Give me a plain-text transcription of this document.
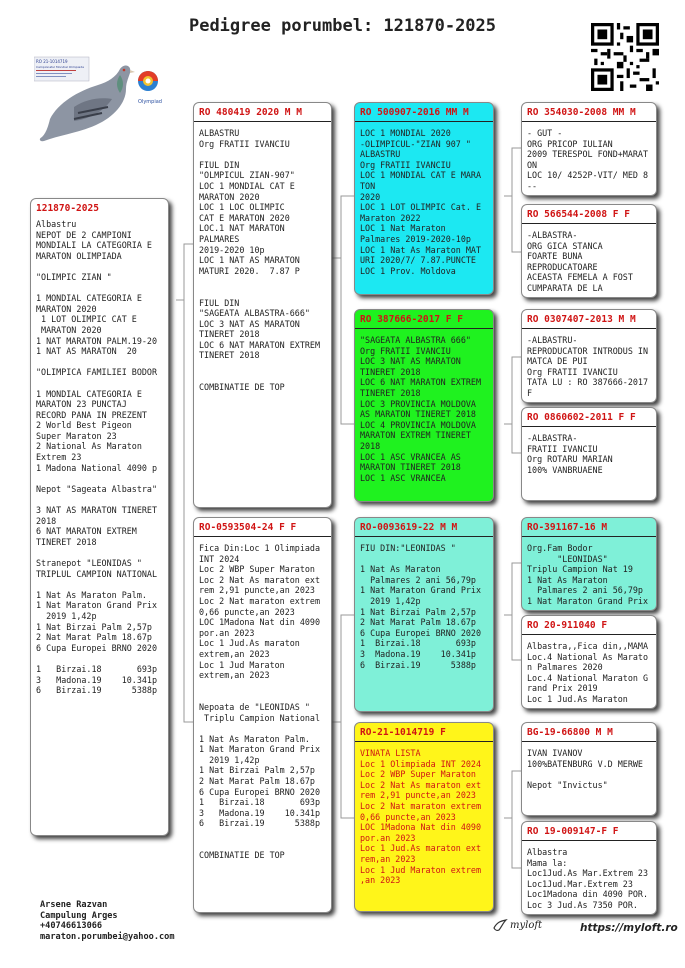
Pedigree porumbel: 121870-2025
RO 21-1014719
Campionatul Mondial Olimpiada
Olympiad
121870-2025
Albastru
NEPOT DE 2 CAMPIONI
MONDIALI LA CATEGORIA E
MARATON OLIMPIADA

"OLIMPIC ZIAN "

1 MONDIAL CATEGORIA E
MARATON 2020
1 LOT OLIMPIC CAT E
MARATON 2020
1 NAT MARATON PALM.19-20
1 NAT AS MARATON  20

"OLIMPICA FAMILIEI BODOR

1 MONDIAL CATEGORIA E
MARATON 23 PUNCTAJ
RECORD PANA IN PREZENT
2 World Best Pigeon
Super Maraton 23
2 National As Maraton
Extrem 23
1 Madona National 4090 p

Nepot "Sageata Albastra"

3 NAT AS MARATON TINERET
2018
6 NAT MARATON EXTREM
TINERET 2018

Stranepot "LEONIDAS "
TRIPLUL CAMPION NATIONAL

1 Nat As Maraton Palm.
1 Nat Maraton Grand Prix
2019 1,42p
1 Nat Birzai Palm 2,57p
2 Nat Marat Palm 18.67p
6 Cupa Europei BRNO 2020

1   Birzai.18       693p
3   Madona.19    10.341p
6   Birzai.19      5388p
RO 480419 2020 M M
ALBASTRU
Org FRATII IVANCIU

FIUL DIN
"OLMPICUL ZIAN-907"
LOC 1 MONDIAL CAT E
MARATON 2020
LOC 1 LOC OLIMPIC
CAT E MARATON 2020
LOC.1 NAT MARATON
PALMARES
2019-2020 10p
LOC 1 NAT AS MARATON
MATURI 2020.  7.87 P

FIUL DIN
"SAGEATA ALBASTRA-666"
LOC 3 NAT AS MARATON
TINERET 2018
LOC 6 NAT MARATON EXTREM
TINERET 2018

COMBINATIE DE TOP
RO-0593504-24 F F
Fica Din:Loc 1 Olimpiada
INT 2024
Loc 2 WBP Super Maraton
Loc 2 Nat As maraton ext
rem 2,91 puncte,an 2023
Loc 2 Nat maraton extrem
0,66 puncte,an 2023
LOC 1Madona Nat din 4090
por.an 2023
Loc 1 Jud.As maraton
extrem,an 2023
Loc 1 Jud Maraton
extrem,an 2023

Nepoata de "LEONIDAS "
Triplu Campion National

1 Nat As Maraton Palm.
1 Nat Maraton Grand Prix
2019 1,42p
1 Nat Birzai Palm 2,57p
2 Nat Marat Palm 18.67p
6 Cupa Europei BRNO 2020
1   Birzai.18       693p
3   Madona.19    10.341p
6   Birzai.19      5388p

COMBINATIE DE TOP
RO 500907-2016 MM M
LOC 1 MONDIAL 2020
-OLIMPICUL-"ZIAN 907 "
ALBASTRU
Org FRATII IVANCIU
LOC 1 MONDIAL CAT E MARA
TON
2020
LOC 1 LOT OLIMPIC Cat. E
Maraton 2022
LOC 1 Nat Maraton
Palmares 2019-2020-10p
LOC 1 Nat As Maraton MAT
URI 2020/7/ 7.87.PUNCTE
LOC 1 Prov. Moldova
RO 387666-2017 F F
"SAGEATA ALBASTRA 666"
Org FRATII IVANCIU
LOC 3 NAT AS MARATON
TINERET 2018
LOC 6 NAT MARATON EXTREM
TINERET 2018
LOC 3 PROVINCIA MOLDOVA
AS MARATON TINERET 2018
LOC 4 PROVINCIA MOLDOVA
MARATON EXTREM TINERET
2018
LOC 1 ASC VRANCEA AS
MARATON TINERET 2018
LOC 1 ASC VRANCEA
RO-0093619-22 M M
FIU DIN:"LEONIDAS "

1 Nat As Maraton
Palmares 2 ani 56,79p
1 Nat Maraton Grand Prix
2019 1,42p
1 Nat Birzai Palm 2,57p
2 Nat Marat Palm 18.67p
6 Cupa Europei BRNO 2020
1  Birzai.18       693p
3  Madona.19    10.341p
6  Birzai.19      5388p
RO-21-1014719 F
VINATA LISTA
Loc 1 Olimpiada INT 2024
Loc 2 WBP Super Maraton
Loc 2 Nat As maraton ext
rem 2,91 puncte,an 2023
Loc 2 Nat maraton extrem
0,66 puncte,an 2023
LOC 1Madona Nat din 4090
por.an 2023
Loc 1 Jud.As maraton ext
rem,an 2023
Loc 1 Jud Maraton extrem
,an 2023
RO 354030-2008 MM M
- GUT -
ORG PRICOP IULIAN
2009 TERESPOL FOND+MARAT
ON
LOC 10/ 4252P-VIT/ MED 8
--
RO 566544-2008 F F
-ALBASTRA-
ORG GICA STANCA
FOARTE BUNA
REPRODUCATOARE
ACEASTA FEMELA A FOST
CUMPARATA DE LA
RO 0307407-2013 M M
-ALBASTRU-
REPRODUCATOR INTRODUS IN
MATCA DE PUI
Org FRATII IVANCIU
TATA LU : RO 387666-2017
F
RO 0860602-2011 F F
-ALBASTRA-
FRATII IVANCIU
Org ROTARU MARIAN
100% VANBRUAENE
RO-391167-16 M
Org.Fam Bodor
"LEONIDAS"
Triplu Campion Nat 19
1 Nat As Maraton
Palmares 2 ani 56,79p
1 Nat Maraton Grand Prix
RO 20-911040 F
Albastra,,Fica din,,MAMA
Loc.4 National As Marato
n Palmares 2020
Loc.4 National Maraton G
rand Prix 2019
Loc 1 Jud.As Maraton
BG-19-66800 M M
IVAN IVANOV
100%BATENBURG V.D MERWE

Nepot "Invictus"
RO 19-009147-F F
Albastra
Mama la:
Loc1Jud.As Mar.Extrem 23
Loc1Jud.Mar.Extrem 23
Loc1Madona din 4090 POR.
Loc 3 Jud.As 7350 POR.
Arsene Razvan
Campulung Arges
+40746613066
maraton.porumbei@yahoo.com
myloft	https://myloft.ro
